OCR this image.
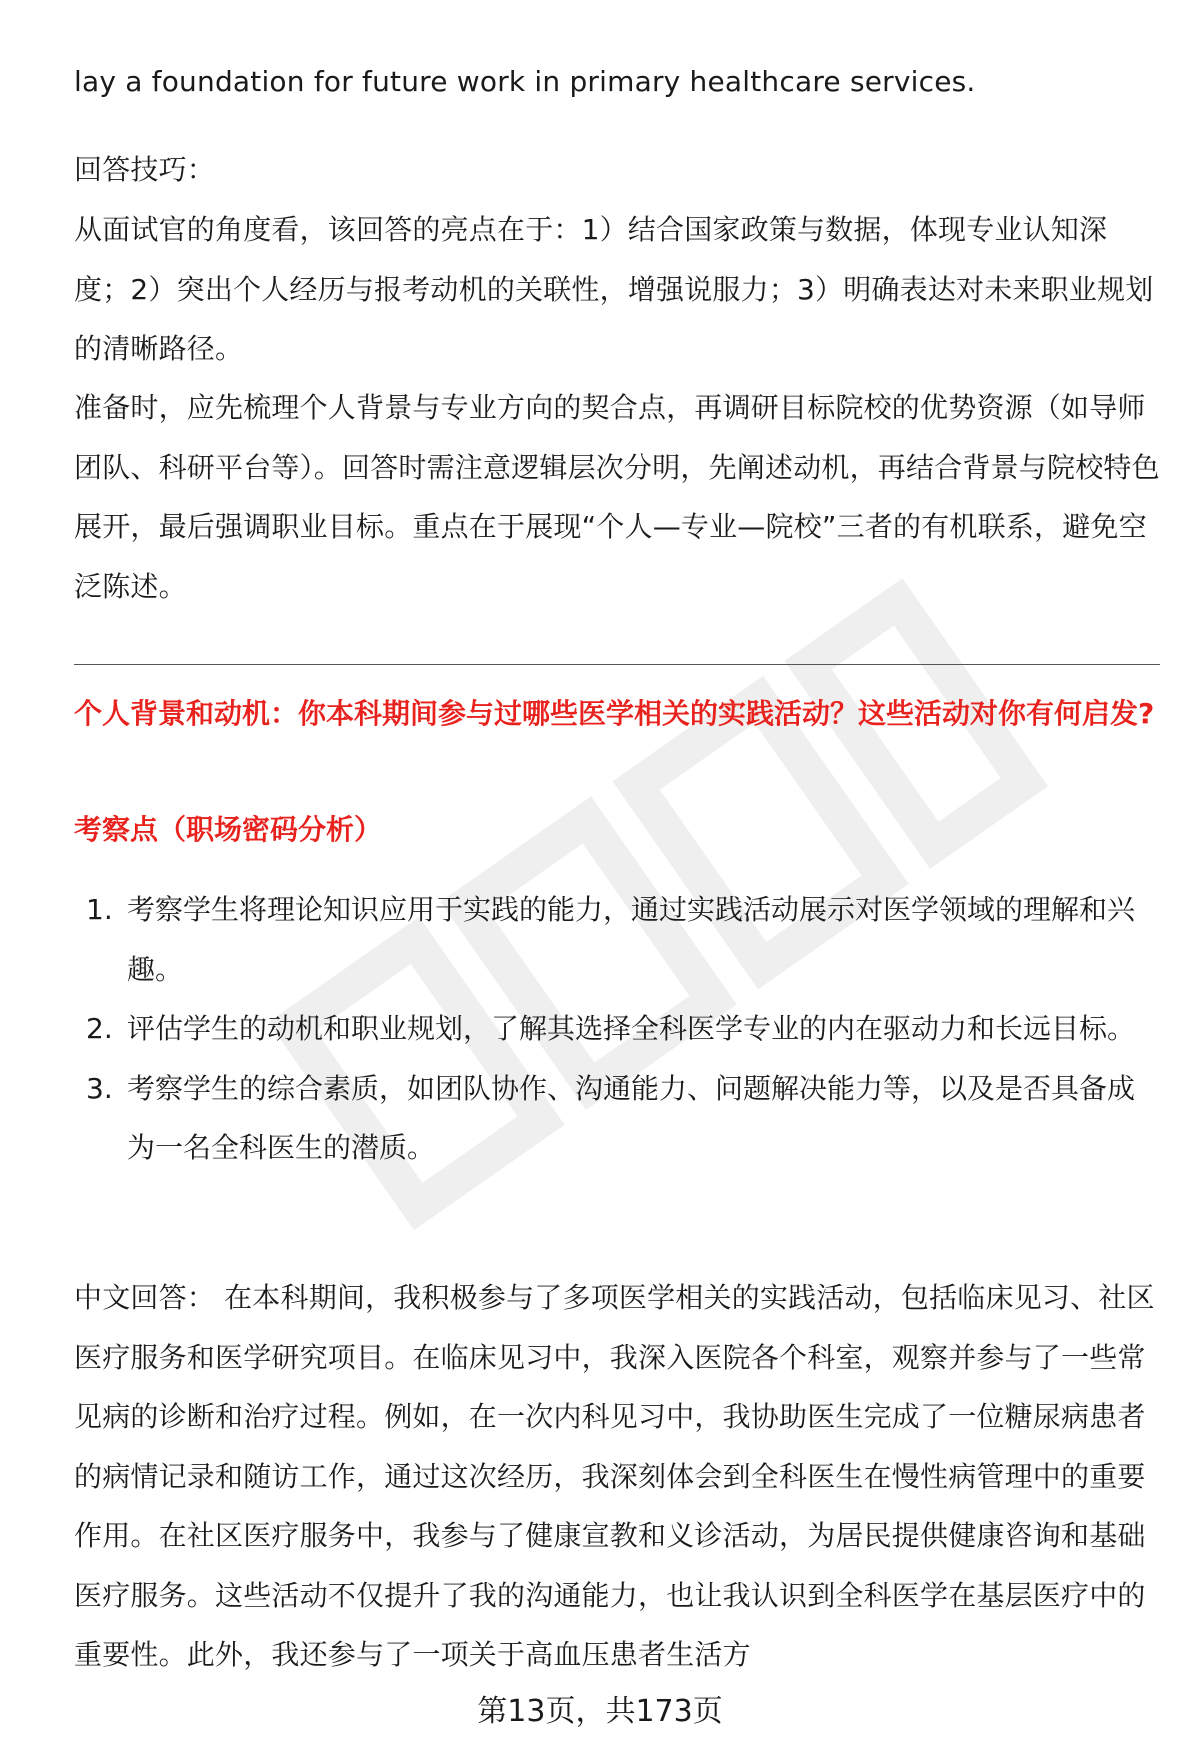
lay a foundation for future work in primary healthcare services.

回答技巧：

从面试官的角度看，该回答的亮点在于：1）结合国家政策与数据，体现专业认知深度；2）突出个人经历与报考动机的关联性，增强说服力；3）明确表达对未来职业规划的清晰路径。

准备时，应先梳理个人背景与专业方向的契合点，再调研目标院校的优势资源（如导师团队、科研平台等）。回答时需注意逻辑层次分明，先阐述动机，再结合背景与院校特色展开，最后强调职业目标。重点在于展现“个人—专业—院校”三者的有机联系，避免空泛陈述。

个人背景和动机：你本科期间参与过哪些医学相关的实践活动？这些活动对你有何启发?
考察点（职场密码分析）
1. 考察学生将理论知识应用于实践的能力，通过实践活动展示对医学领域的理解和兴趣。
2. 评估学生的动机和职业规划，了解其选择全科医学专业的内在驱动力和长远目标。
3. 考察学生的综合素质，如团队协作、沟通能力、问题解决能力等，以及是否具备成为一名全科医生的潜质。

中文回答： 在本科期间，我积极参与了多项医学相关的实践活动，包括临床见习、社区医疗服务和医学研究项目。在临床见习中，我深入医院各个科室，观察并参与了一些常见病的诊断和治疗过程。例如，在一次内科见习中，我协助医生完成了一位糖尿病患者的病情记录和随访工作，通过这次经历，我深刻体会到全科医生在慢性病管理中的重要作用。在社区医疗服务中，我参与了健康宣教和义诊活动，为居民提供健康咨询和基础医疗服务。这些活动不仅提升了我的沟通能力，也让我认识到全科医学在基层医疗中的重要性。此外，我还参与了一项关于高血压患者生活方

第13页，共173页
